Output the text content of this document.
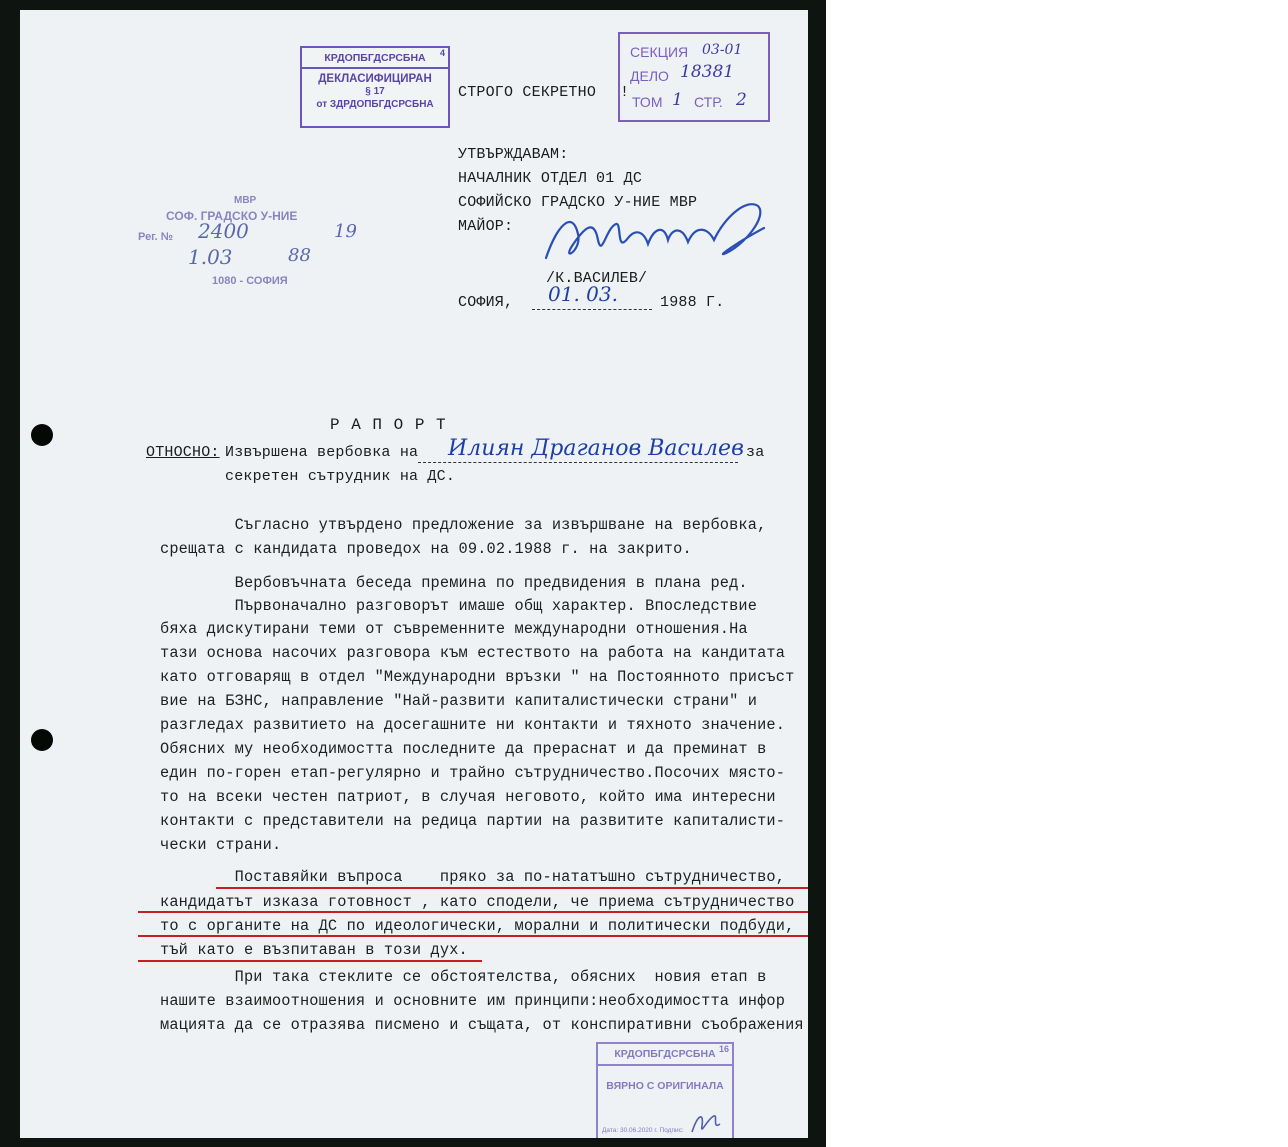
КРДОПБГДСРСБНА 4
ДЕКЛАСИФИЦИРАН
§ 17
от ЗДРДОПБГДСРСБНА
СТРОГО СЕКРЕТНО !
СЕКЦИЯ 03-01
ДЕЛО 18381
ТОМ 1 СТР. 2
УТВЪРЖДАВАМ:
НАЧАЛНИК ОТДЕЛ 01 ДС
СОФИЙСКО ГРАДСКО У-НИЕ МВР
МАЙОР:
/К.ВАСИЛЕВ/
СОФИЯ, 01. 03.	1988 Г.
МВР
СОФ. ГРАДСКО У-НИЕ
Рег. № 2400	19
1.03	88
1080 - СОФИЯ
Р А П О Р Т
ОТНОСНО: Извършена вербовка на Илиян Драганов Василев за
секретен сътрудник на ДС.
Съгласно утвърдено предложение за извършване на вербовка,
срещата с кандидата проведох на 09.02.1988 г. на закрито.
Вербовъчната беседа премина по предвидения в плана ред.
Първоначално разговорът имаше общ характер. Впоследствие
бяха дискутирани теми от съвременните международни отношения.На
тази основа насочих разговора към естеството на работа на кандитата
като отговарящ в отдел "Международни връзки " на Постоянното присъст
вие на БЗНС, направление "Най-развити капиталистически страни" и
разгледах развитието на досегашните ни контакти и тяхното значение.
Обясних му необходимостта последните да прераснат и да преминат в
един по-горен етап-регулярно и трайно сътрудничество.Посочих място-
то на всеки честен патриот, в случая неговото, който има интересни
контакти с представители на редица партии на развитите капиталисти-
чески страни.
Поставяйки въпроса    пряко за по-нататъшно сътрудничество,
кандидатът изказа готовност , като сподели, че приема сътрудничество
то с органите на ДС по идеологически, морални и политически подбуди,
тъй като е възпитаван в този дух.
При така стеклите се обстоятелства, обясних  новия етап в
нашите взаимоотношения и основните им принципи:необходимостта инфор
мацията да се отразява писмено и същата, от конспиративни съображения
КРДОПБГДСРСБНА 16
ВЯРНО С ОРИГИНАЛА
Дата: 30.06.2020 г. Подпис:
